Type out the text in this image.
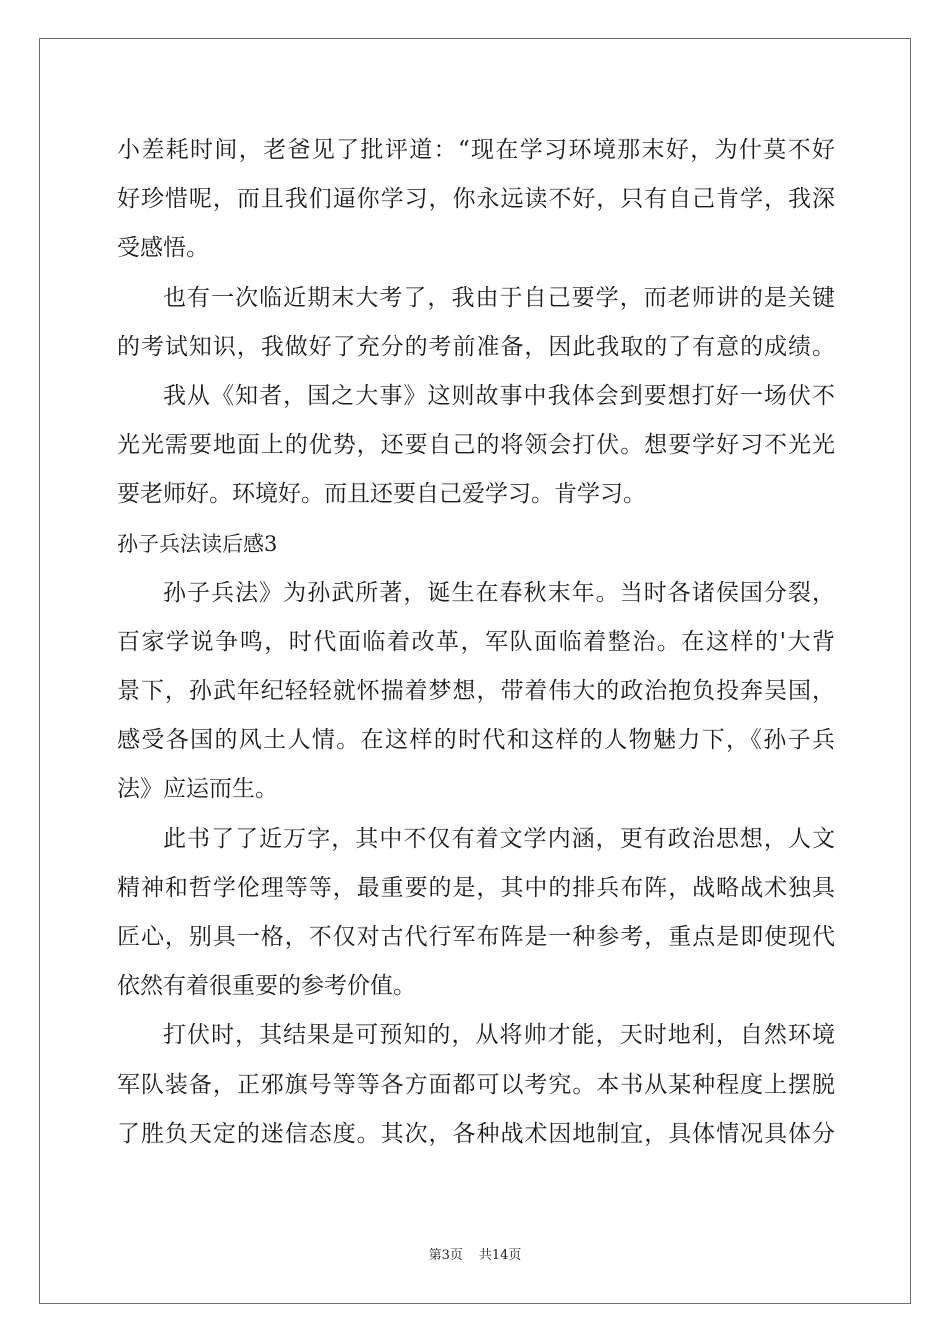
小差耗时间，老爸见了批评道：“现在学习环境那末好，为什莫不好
好珍惜呢，而且我们逼你学习，你永远读不好，只有自己肯学，我深
受感悟。
也有一次临近期末大考了，我由于自己要学，而老师讲的是关键
的考试知识，我做好了充分的考前准备，因此我取的了有意的成绩。
我从《知者，国之大事》这则故事中我体会到要想打好一场伏不
光光需要地面上的优势，还要自己的将领会打伏。想要学好习不光光
要老师好。环境好。而且还要自己爱学习。肯学习。
孙子兵法读后感3
孙子兵法》为孙武所著，诞生在春秋末年。当时各诸侯国分裂，
百家学说争鸣，时代面临着改革，军队面临着整治。在这样的'大背
景下，孙武年纪轻轻就怀揣着梦想，带着伟大的政治抱负投奔吴国，
感受各国的风土人情。在这样的时代和这样的人物魅力下，《孙子兵
法》应运而生。
此书了了近万字，其中不仅有着文学内涵，更有政治思想，人文
精神和哲学伦理等等，最重要的是，其中的排兵布阵，战略战术独具
匠心，别具一格，不仅对古代行军布阵是一种参考，重点是即使现代
依然有着很重要的参考价值。
打伏时，其结果是可预知的，从将帅才能，天时地利，自然环境
军队装备，正邪旗号等等各方面都可以考究。本书从某种程度上摆脱
了胜负天定的迷信态度。其次，各种战术因地制宜，具体情况具体分
第3页 共14页
